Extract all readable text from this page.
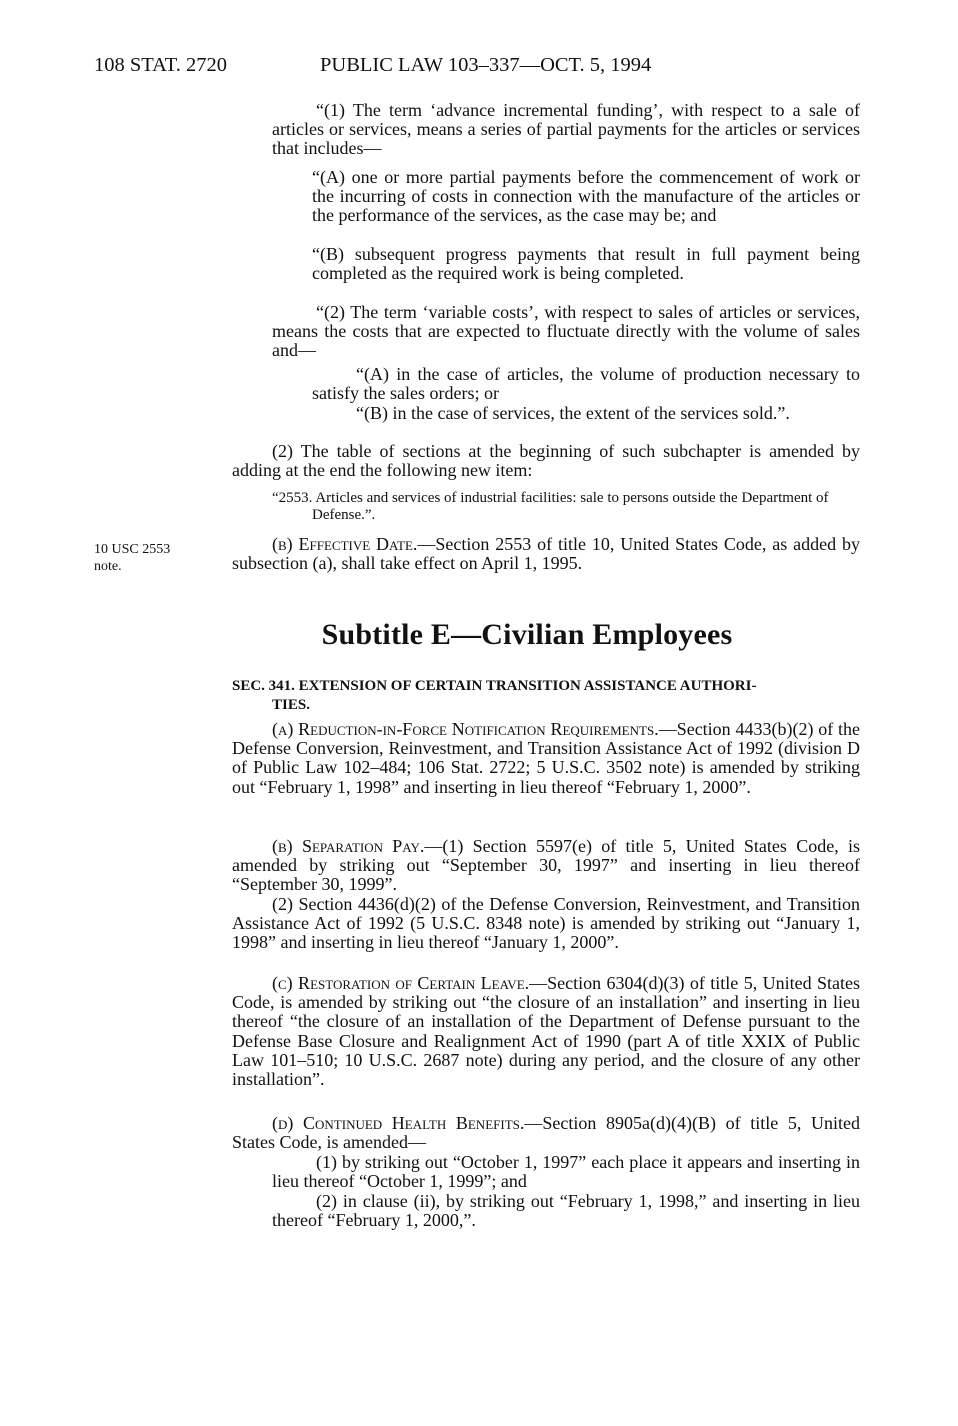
108 STAT. 2720	PUBLIC LAW 103–337—OCT. 5, 1994

“(1) The term ‘advance incremental funding’, with respect to a sale of articles or services, means a series of partial payments for the articles or services that includes—

“(A) one or more partial payments before the commencement of work or the incurring of costs in connection with the manufacture of the articles or the performance of the services, as the case may be; and

“(B) subsequent progress payments that result in full payment being completed as the required work is being completed.

“(2) The term ‘variable costs’, with respect to sales of articles or services, means the costs that are expected to fluctuate directly with the volume of sales and—

“(A) in the case of articles, the volume of production necessary to satisfy the sales orders; or

“(B) in the case of services, the extent of the services sold.”.

(2) The table of sections at the beginning of such subchapter is amended by adding at the end the following new item:

“2553. Articles and services of industrial facilities: sale to persons outside the Department of Defense.”.

10 USC 2553
note.

(b) Effective Date.—Section 2553 of title 10, United States Code, as added by subsection (a), shall take effect on April 1, 1995.

Subtitle E—Civilian Employees
SEC. 341. EXTENSION OF CERTAIN TRANSITION ASSISTANCE AUTHORI-
TIES.

(a) Reduction-in-Force Notification Requirements.—Section 4433(b)(2) of the Defense Conversion, Reinvestment, and Transition Assistance Act of 1992 (division D of Public Law 102–484; 106 Stat. 2722; 5 U.S.C. 3502 note) is amended by striking out “February 1, 1998” and inserting in lieu thereof “February 1, 2000”.

(b) Separation Pay.—(1) Section 5597(e) of title 5, United States Code, is amended by striking out “September 30, 1997” and inserting in lieu thereof “September 30, 1999”.

(2) Section 4436(d)(2) of the Defense Conversion, Reinvestment, and Transition Assistance Act of 1992 (5 U.S.C. 8348 note) is amended by striking out “January 1, 1998” and inserting in lieu thereof “January 1, 2000”.

(c) Restoration of Certain Leave.—Section 6304(d)(3) of title 5, United States Code, is amended by striking out “the closure of an installation” and inserting in lieu thereof “the closure of an installation of the Department of Defense pursuant to the Defense Base Closure and Realignment Act of 1990 (part A of title XXIX of Public Law 101–510; 10 U.S.C. 2687 note) during any period, and the closure of any other installation”.

(d) Continued Health Benefits.—Section 8905a(d)(4)(B) of title 5, United States Code, is amended—

(1) by striking out “October 1, 1997” each place it appears and inserting in lieu thereof “October 1, 1999”; and

(2) in clause (ii), by striking out “February 1, 1998,” and inserting in lieu thereof “February 1, 2000,”.
